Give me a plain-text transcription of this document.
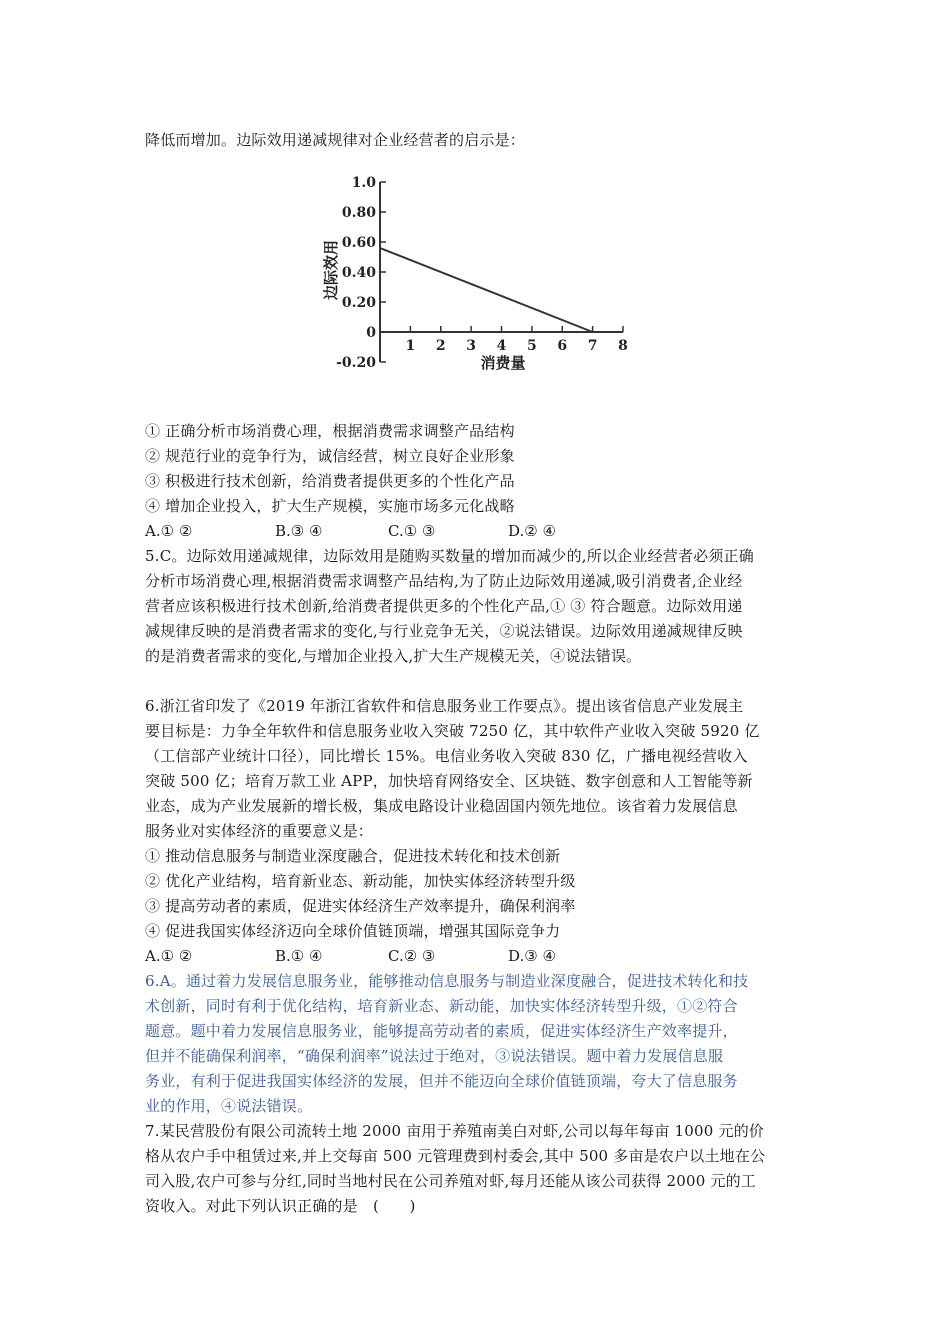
降低而增加。边际效用递减规律对企业经营者的启示是：
1.0
0.80
0.60
0.40
0.20
0
-0.20
1 2 3 4 5 6 7 8
边际效用
消费量
① 正确分析市场消费心理，根据消费需求调整产品结构
② 规范行业的竞争行为，诚信经营，树立良好企业形象
③ 积极进行技术创新，给消费者提供更多的个性化产品
④ 增加企业投入，扩大生产规模，实施市场多元化战略
A.① ②	B.③ ④	C.① ③	D.② ④
5.C。边际效用递减规律，边际效用是随购买数量的增加而减少的,所以企业经营者必须正确
分析市场消费心理,根据消费需求调整产品结构,为了防止边际效用递减,吸引消费者,企业经
营者应该积极进行技术创新,给消费者提供更多的个性化产品,① ③ 符合题意。边际效用递
减规律反映的是消费者需求的变化,与行业竞争无关，②说法错误。边际效用递减规律反映
的是消费者需求的变化,与增加企业投入,扩大生产规模无关，④说法错误。
6.浙江省印发了《2019 年浙江省软件和信息服务业工作要点》。提出该省信息产业发展主
要目标是：力争全年软件和信息服务业收入突破 7250 亿，其中软件产业收入突破 5920 亿
（工信部产业统计口径），同比增长 15%。电信业务收入突破 830 亿，广播电视经营收入
突破 500 亿；培育万款工业 APP，加快培育网络安全、区块链、数字创意和人工智能等新
业态，成为产业发展新的增长极，集成电路设计业稳固国内领先地位。该省着力发展信息
服务业对实体经济的重要意义是：
① 推动信息服务与制造业深度融合，促进技术转化和技术创新
② 优化产业结构，培育新业态、新动能，加快实体经济转型升级
③ 提高劳动者的素质，促进实体经济生产效率提升，确保利润率
④ 促进我国实体经济迈向全球价值链顶端，增强其国际竞争力
A.① ②	B.① ④	C.② ③	D.③ ④
6.A。通过着力发展信息服务业，能够推动信息服务与制造业深度融合，促进技术转化和技
术创新，同时有利于优化结构，培育新业态、新动能，加快实体经济转型升级，①②符合
题意。题中着力发展信息服务业，能够提高劳动者的素质，促进实体经济生产效率提升，
但并不能确保利润率，“确保利润率”说法过于绝对，③说法错误。题中着力发展信息服
务业，有利于促进我国实体经济的发展，但并不能迈向全球价值链顶端，夸大了信息服务
业的作用，④说法错误。
7.某民营股份有限公司流转土地 2000 亩用于养殖南美白对虾,公司以每年每亩 1000 元的价
格从农户手中租赁过来,并上交每亩 500 元管理费到村委会,其中 500 多亩是农户以土地在公
司入股,农户可参与分红,同时当地村民在公司养殖对虾,每月还能从该公司获得 2000 元的工
资收入。对此下列认识正确的是　(　　)
